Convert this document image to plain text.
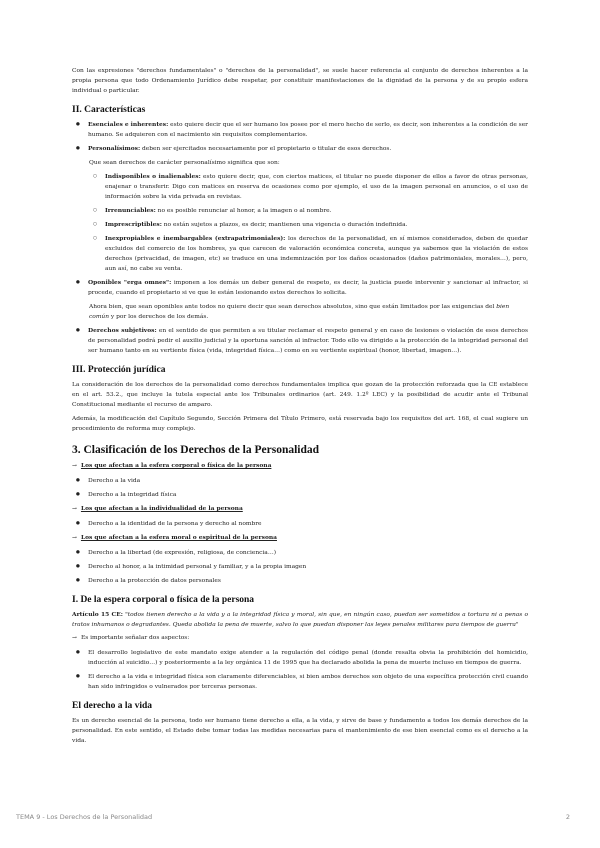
Con las expresiones "derechos fundamentales" o "derechos de la personalidad", se suele hacer referencia al conjunto de derechos inherentes a la propia persona que todo Ordenamiento Jurídico debe respetar, por constituir manifestaciones de la dignidad de la persona y de su propio esfera individual o particular.

II. Características
● Esenciales e inherentes: esto quiere decir que el ser humano los posee por el mero hecho de serlo, es decir, son inherentes a la condición de ser humano. Se adquieren con el nacimiento sin requisitos complementarios.
● Personalísimos: deben ser ejercitados necesariamente por el propietario o titular de esos derechos.

Que sean derechos de carácter personalísimo significa que son:

○ Indisponibles o inalienables: esto quiere decir, que, con ciertos matices, el titular no puede disponer de ellos a favor de otras personas, enajenar o transferir. Digo con matices en reserva de ocasiones como por ejemplo, el uso de la imagen personal en anuncios, o el uso de información sobre la vida privada en revistas.
○ Irrenunciables: no es posible renunciar al honor, a la imagen o al nombre.
○ Imprescriptibles: no están sujetos a plazos, es decir, mantienen una vigencia o duración indefinida.
○ Inexpropiables e inembargables (extrapatrimoniales): los derechos de la personalidad, en sí mismos considerados, deben de quedar excluidos del comercio de los hombres, ya que carecen de valoración económica concreta, aunque ya sabemos que la violación de estos derechos (privacidad, de imagen, etc) se traduce en una indemnización por los daños ocasionados (daños patrimoniales, morales…), pero, aun así, no cabe su venta.
● Oponibles "erga omnes": imponen a los demás un deber general de respeto, es decir, la justicia puede intervenir y sancionar al infractor, si procede, cuando el propietario si ve que le están lesionando estos derechos lo solicita.

Ahora bien, que sean oponibles ante todos no quiere decir que sean derechos absolutos, sino que están limitados por las exigencias del bien común y por los derechos de los demás.

● Derechos subjetivos: en el sentido de que permiten a su titular reclamar el respeto general y en caso de lesiones o violación de esos derechos de personalidad podrá pedir el auxilio judicial y la oportuna sanción al infractor. Todo ello va dirigido a la protección de la integridad personal del ser humano tanto en su vertiente física (vida, integridad física…) como en su vertiente espiritual (honor, libertad, imagen…).
III. Protección jurídica

La consideración de los derechos de la personalidad como derechos fundamentales implica que gozan de la protección reforzada que la CE establece en el art. 53.2., que incluye la tutela especial ante los Tribunales ordinarios (art. 249. 1.2º LEC) y la posibilidad de acudir ante el Tribunal Constitucional mediante el recurso de amparo.

Además, la modificación del Capítulo Segundo, Sección Primera del Título Primero, está reservada bajo los requisitos del art. 168, el cual sugiere un procedimiento de reforma muy complejo.

3. Clasificación de los Derechos de la Personalidad

→ Los que afectan a la esfera corporal o física de la persona

● Derecho a la vida
● Derecho a la integridad física

→ Los que afectan a la individualidad de la persona

● Derecho a la identidad de la persona y derecho al nombre

→ Los que afectan a la esfera moral o espiritual de la persona

● Derecho a la libertad (de expresión, religiosa, de conciencia…)
● Derecho al honor, a la intimidad personal y familiar, y a la propia imagen
● Derecho a la protección de datos personales
I. De la espera corporal o física de la persona

Artículo 15 CE: "todos tienen derecho a la vida y a la integridad física y moral, sin que, en ningún caso, puedan ser sometidos a tortura ni a penas o tratos inhumanos o degradantes. Queda abolida la pena de muerte, salvo lo que puedan disponer las leyes penales militares para tiempos de guerra"

→ Es importante señalar dos aspectos:

● El desarrollo legislativo de este mandato exige atender a la regulación del código penal (donde resalta obvia la prohibición del homicidio, inducción al suicidio…) y posteriormente a la ley orgánica 11 de 1995 que ha declarado abolida la pena de muerte incluso en tiempos de guerra.
● El derecho a la vida e integridad física son claramente diferenciables, si bien ambos derechos son objeto de una específica protección civil cuando han sido infringidos o vulnerados por terceras personas.
El derecho a la vida

Es un derecho esencial de la persona, todo ser humano tiene derecho a ella, a la vida, y sirve de base y fundamento a todos los demás derechos de la personalidad. En este sentido, el Estado debe tomar todas las medidas necesarias para el mantenimiento de ese bien esencial como es el derecho a la vida.

TEMA 9 - Los Derechos de la Personalidad	2
